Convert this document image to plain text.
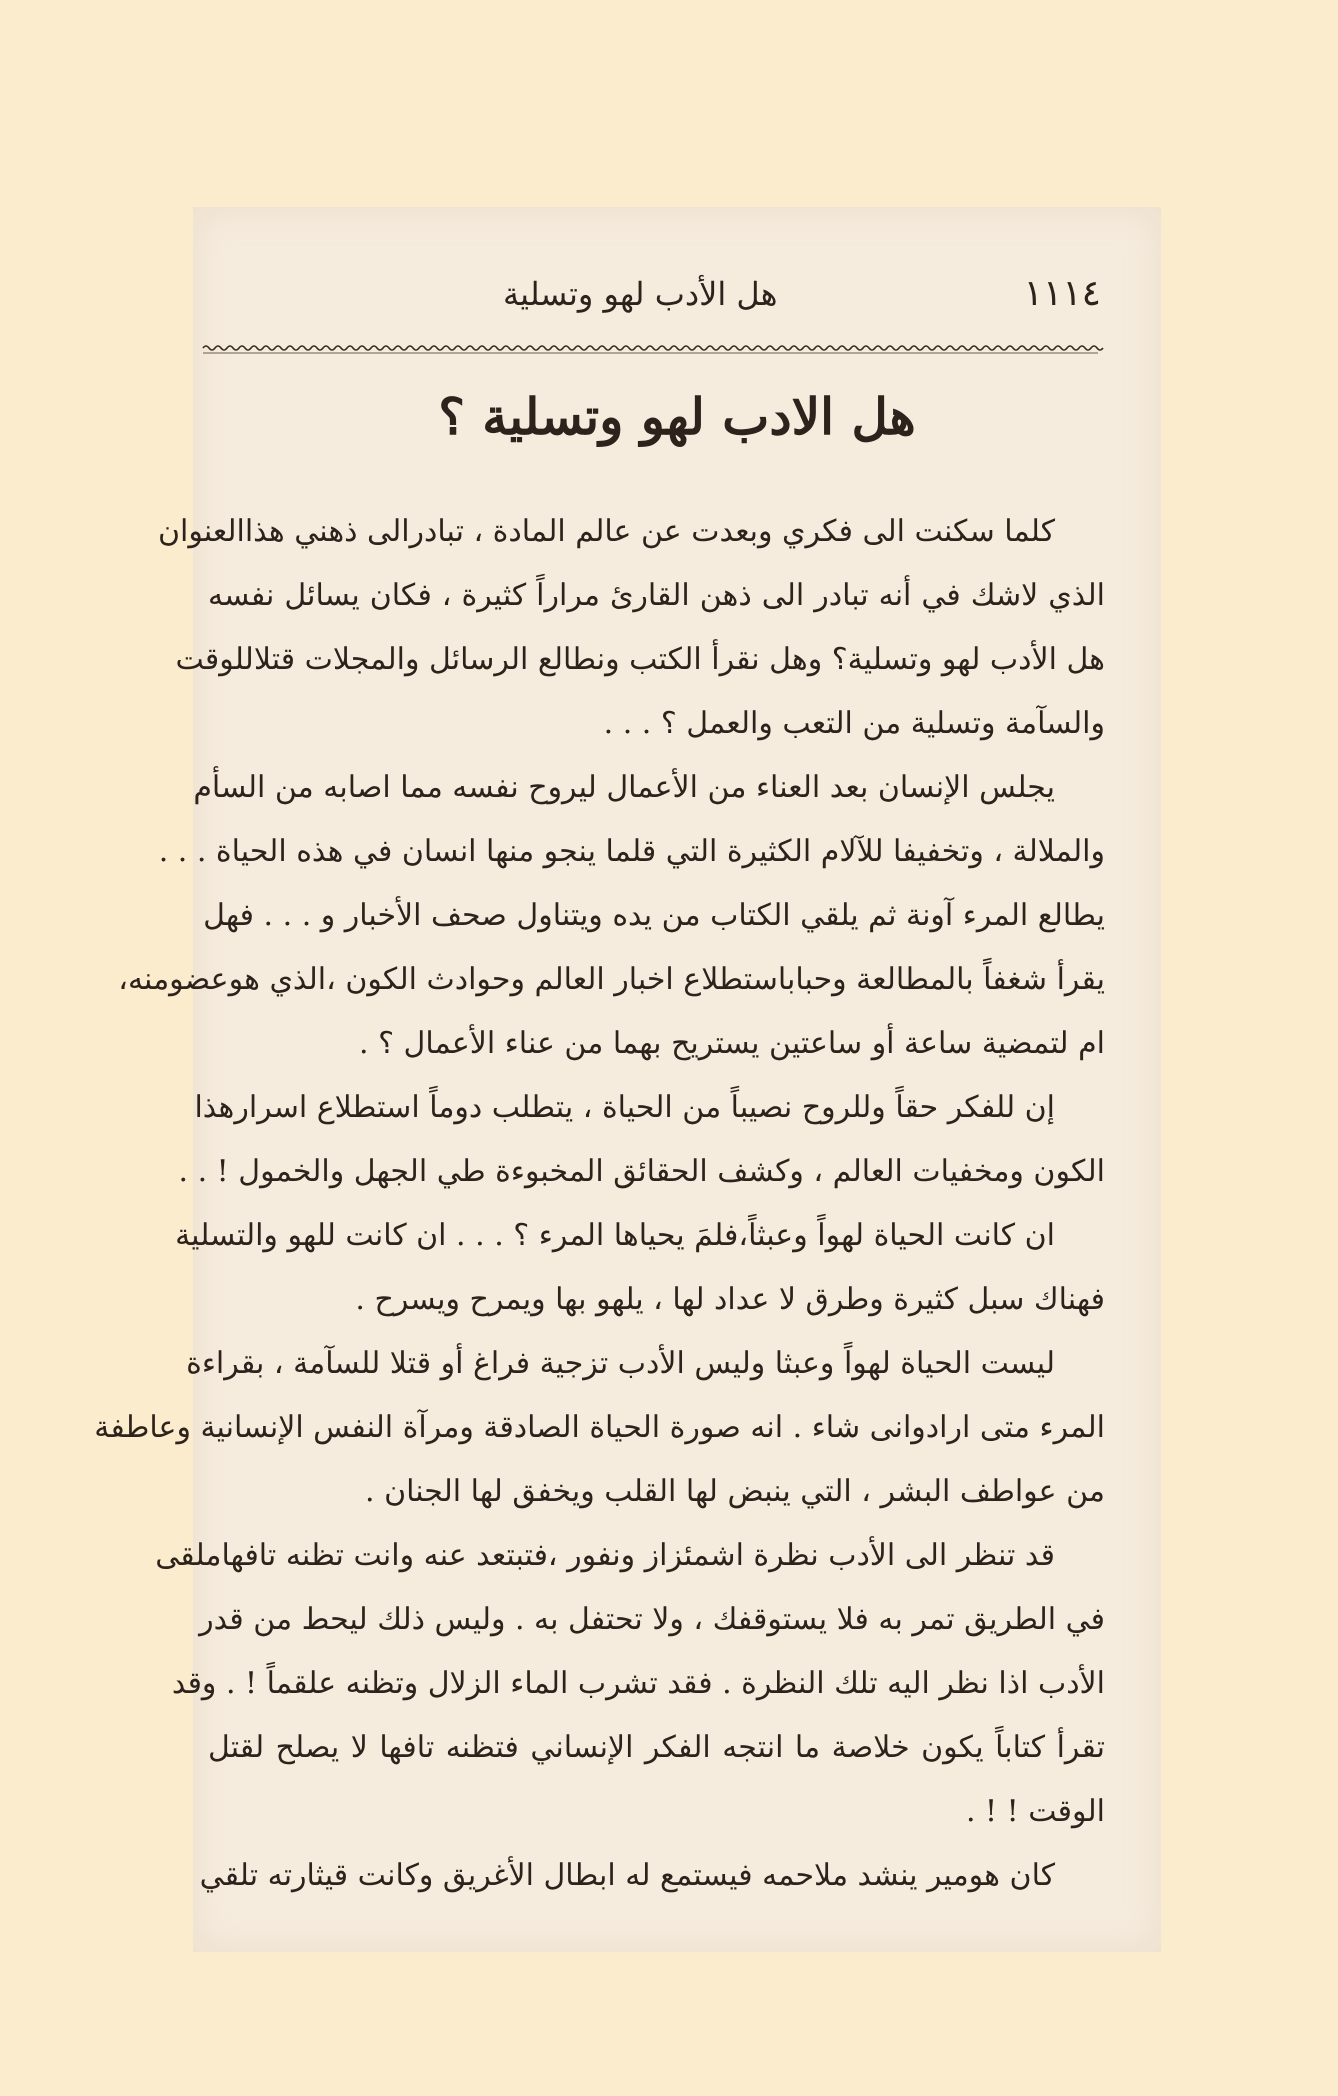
١١١٤
هل الأدب لهو وتسلية
هل الادب لهو وتسلية ؟
كلما سكنت الى فكري وبعدت عن عالم المادة ، تبادرالى ذهني هذاالعنوان
الذي لاشك في أنه تبادر الى ذهن القارئ مراراً كثيرة ، فكان يسائل نفسه
هل الأدب لهو وتسلية؟ وهل نقرأ الكتب ونطالع الرسائل والمجلات قتلاللوقت
والسآمة وتسلية من التعب والعمل ؟ . . .
يجلس الإنسان بعد العناء من الأعمال ليروح نفسه مما اصابه من السأم
والملالة ، وتخفيفا للآلام الكثيرة التي قلما ينجو منها انسان في هذه الحياة . . .
يطالع المرء آونة ثم يلقي الكتاب من يده ويتناول صحف الأخبار و . . . فهل
يقرأ شغفاً بالمطالعة وحباباستطلاع اخبار العالم وحوادث الكون ،الذي هوعضومنه،
ام لتمضية ساعة أو ساعتين يستريح بهما من عناء الأعمال ؟ .
إن للفكر حقاً وللروح نصيباً من الحياة ، يتطلب دوماً استطلاع اسرارهذا
الكون ومخفيات العالم ، وكشف الحقائق المخبوءة طي الجهل والخمول ! . .
ان كانت الحياة لهواً وعبثاً،فلمَ يحياها المرء ؟ . . . ان كانت للهو والتسلية
فهناك سبل كثيرة وطرق لا عداد لها ، يلهو بها ويمرح ويسرح .
ليست الحياة لهواً وعبثا وليس الأدب تزجية فراغ أو قتلا للسآمة ، بقراءة
المرء متى ارادوانى شاء . انه صورة الحياة الصادقة ومرآة النفس الإنسانية وعاطفة
من عواطف البشر ، التي ينبض لها القلب ويخفق لها الجنان .
قد تنظر الى الأدب نظرة اشمئزاز ونفور ،فتبتعد عنه وانت تظنه تافهاملقى
في الطريق تمر به فلا يستوقفك ، ولا تحتفل به . وليس ذلك ليحط من قدر
الأدب اذا نظر اليه تلك النظرة . فقد تشرب الماء الزلال وتظنه علقماً ! . وقد
تقرأ كتاباً يكون خلاصة ما انتجه الفكر الإنساني فتظنه تافها لا يصلح لقتل
الوقت ! ! .
كان هومير ينشد ملاحمه فيستمع له ابطال الأغريق وكانت قيثارته تلقي
